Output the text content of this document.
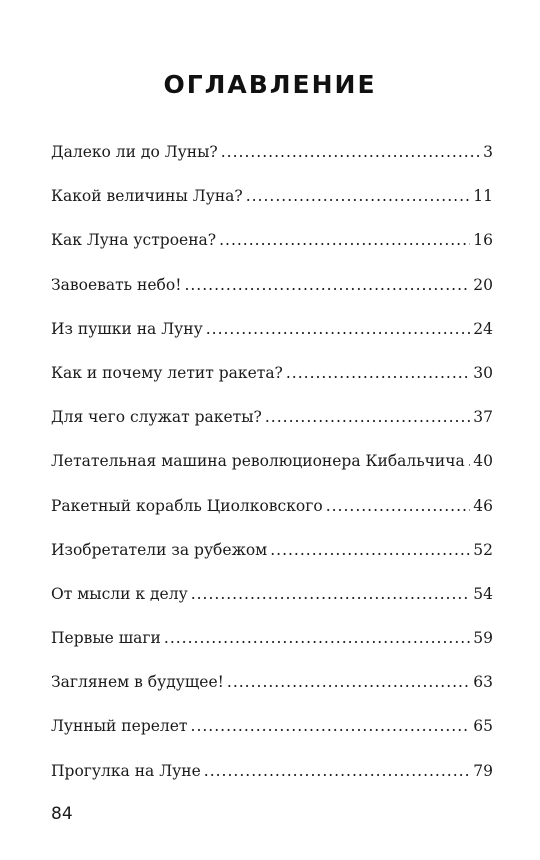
ОГЛАВЛЕНИЕ
Далеко ли до Луны? .....	3
Какой величины Луна? .....	11
Как Луна устроена? .....	16
Завоевать небо! .....	20
Из пушки на Луну .....	24
Как и почему летит ракета? .....	30
Для чего служат ракеты? .....	37
Летательная машина революционера Кибальчича ..... 40
Ракетный корабль Циолковского .....	46
Изобретатели за рубежом .....	52
От мысли к делу .....	54
Первые шаги .....	59
Заглянем в будущее! .....	63
Лунный перелет .....	65
Прогулка на Луне .....	79
84
